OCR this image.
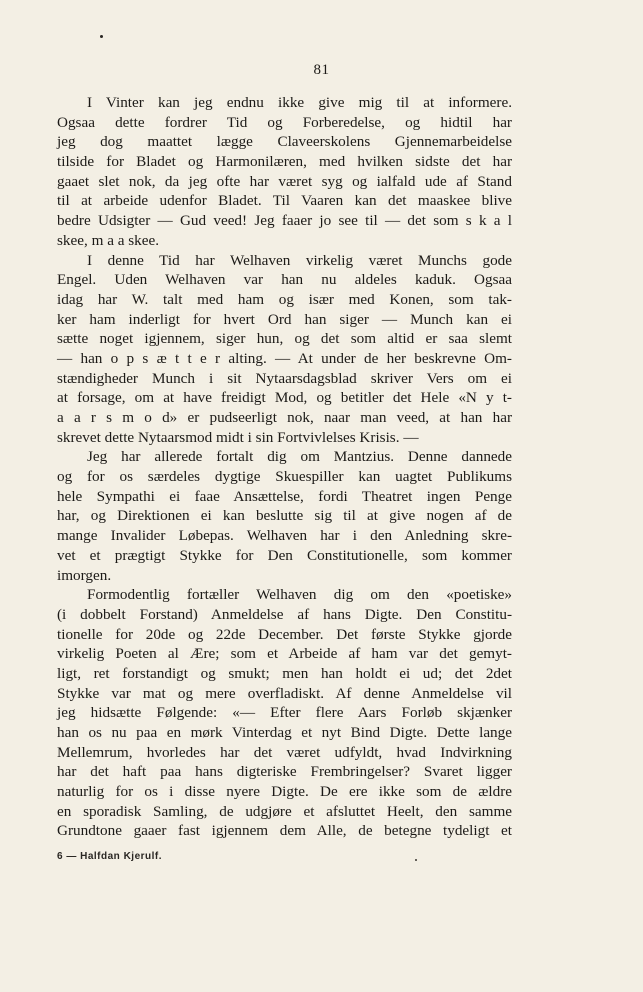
81
I Vinter kan jeg endnu ikke give mig til at informere.
Ogsaa dette fordrer Tid og Forberedelse, og hidtil har
jeg dog maattet lægge Claveerskolens Gjennemarbeidelse
tilside for Bladet og Harmonilæren, med hvilken sidste det har
gaaet slet nok, da jeg ofte har været syg og ialfald ude af Stand
til at arbeide udenfor Bladet. Til Vaaren kan det maaskee blive
bedre Udsigter — Gud veed! Jeg faaer jo see til — det som s k a l
skee, m a a skee.
I denne Tid har Welhaven virkelig været Munchs gode
Engel. Uden Welhaven var han nu aldeles kaduk. Ogsaa
idag har W. talt med ham og især med Konen, som tak-
ker ham inderligt for hvert Ord han siger — Munch kan ei
sætte noget igjennem, siger hun, og det som altid er saa slemt
— han o p s æ t t e r alting. — At under de her beskrevne Om-
stændigheder Munch i sit Nytaarsdagsblad skriver Vers om ei
at forsage, om at have freidigt Mod, og betitler det Hele «N y t-
a a r s m o d» er pudseerligt nok, naar man veed, at han har
skrevet dette Nytaarsmod midt i sin Fortvivlelses Krisis. —
Jeg har allerede fortalt dig om Mantzius. Denne dannede
og for os særdeles dygtige Skuespiller kan uagtet Publikums
hele Sympathi ei faae Ansættelse, fordi Theatret ingen Penge
har, og Direktionen ei kan beslutte sig til at give nogen af de
mange Invalider Løbepas. Welhaven har i den Anledning skre-
vet et prægtigt Stykke for Den Constitutionelle, som kommer
imorgen.
Formodentlig fortæller Welhaven dig om den «poetiske»
(i dobbelt Forstand) Anmeldelse af hans Digte. Den Constitu-
tionelle for 20de og 22de December. Det første Stykke gjorde
virkelig Poeten al Ære; som et Arbeide af ham var det gemyt-
ligt, ret forstandigt og smukt; men han holdt ei ud; det 2det
Stykke var mat og mere overfladiskt. Af denne Anmeldelse vil
jeg hidsætte Følgende: «— Efter flere Aars Forløb skjænker
han os nu paa en mørk Vinterdag et nyt Bind Digte. Dette lange
Mellemrum, hvorledes har det været udfyldt, hvad Indvirkning
har det haft paa hans digteriske Frembringelser? Svaret ligger
naturlig for os i disse nyere Digte. De ere ikke som de ældre
en sporadisk Samling, de udgjøre et afsluttet Heelt, den samme
Grundtone gaaer fast igjennem dem Alle, de betegne tydeligt et
6 — Halfdan Kjerulf.
